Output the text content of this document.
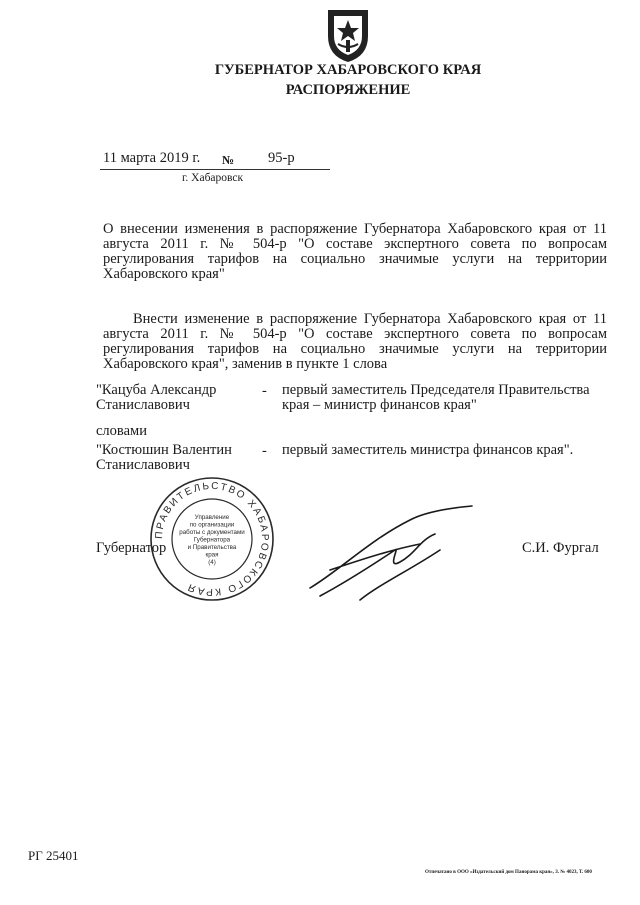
ГУБЕРНАТОР ХАБАРОВСКОГО КРАЯ
РАСПОРЯЖЕНИЕ
11 марта 2019 г. № 95-р
г. Хабаровск
О внесении изменения в распоряжение Губернатора Хабаровского края от 11 августа 2011 г. № 504-р "О составе экспертного совета по вопросам регулирования тарифов на социально значимые услуги на территории Хабаровского края"
Внести изменение в распоряжение Губернатора Хабаровского края от 11 августа 2011 г. № 504-р "О составе экспертного совета по вопросам регулирования тарифов на социально значимые услуги на территории Хабаровского края", заменив в пункте 1 слова
"Кацуба Александр
Станиславович
- первый заместитель Председателя Правительства края – министр финансов края"
словами
"Костюшин Валентин
Станиславович
- первый заместитель министра финансов края".
Губернатор	С.И. Фургал
ПРАВИТЕЛЬСТВО ХАБАРОВСКОГО КРАЯ
Управление
по организации
работы с документами
Губернатора
и Правительства
края
(4)
РГ 25401
Отпечатано в ООО «Издательский дом Панорама края», З. № 4023, Т. 600
